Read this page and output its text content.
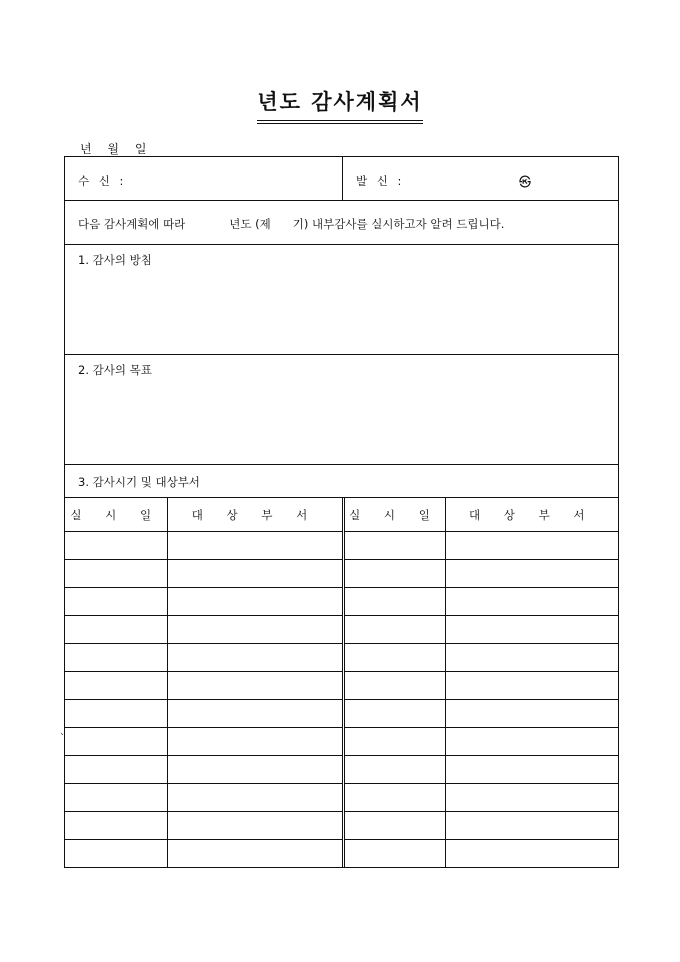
년도 감사계획서
년 월 일
수 신 :	발 신 :	㉿
다음 감사계획에 따라	년도 (제 기) 내부감사를 실시하고자 알려 드립니다.
1. 감사의 방침
2. 감사의 목표
3. 감사시기 및 대상부서
실 시 일	대 상 부 서	실 시 일	대 상 부 서

`
